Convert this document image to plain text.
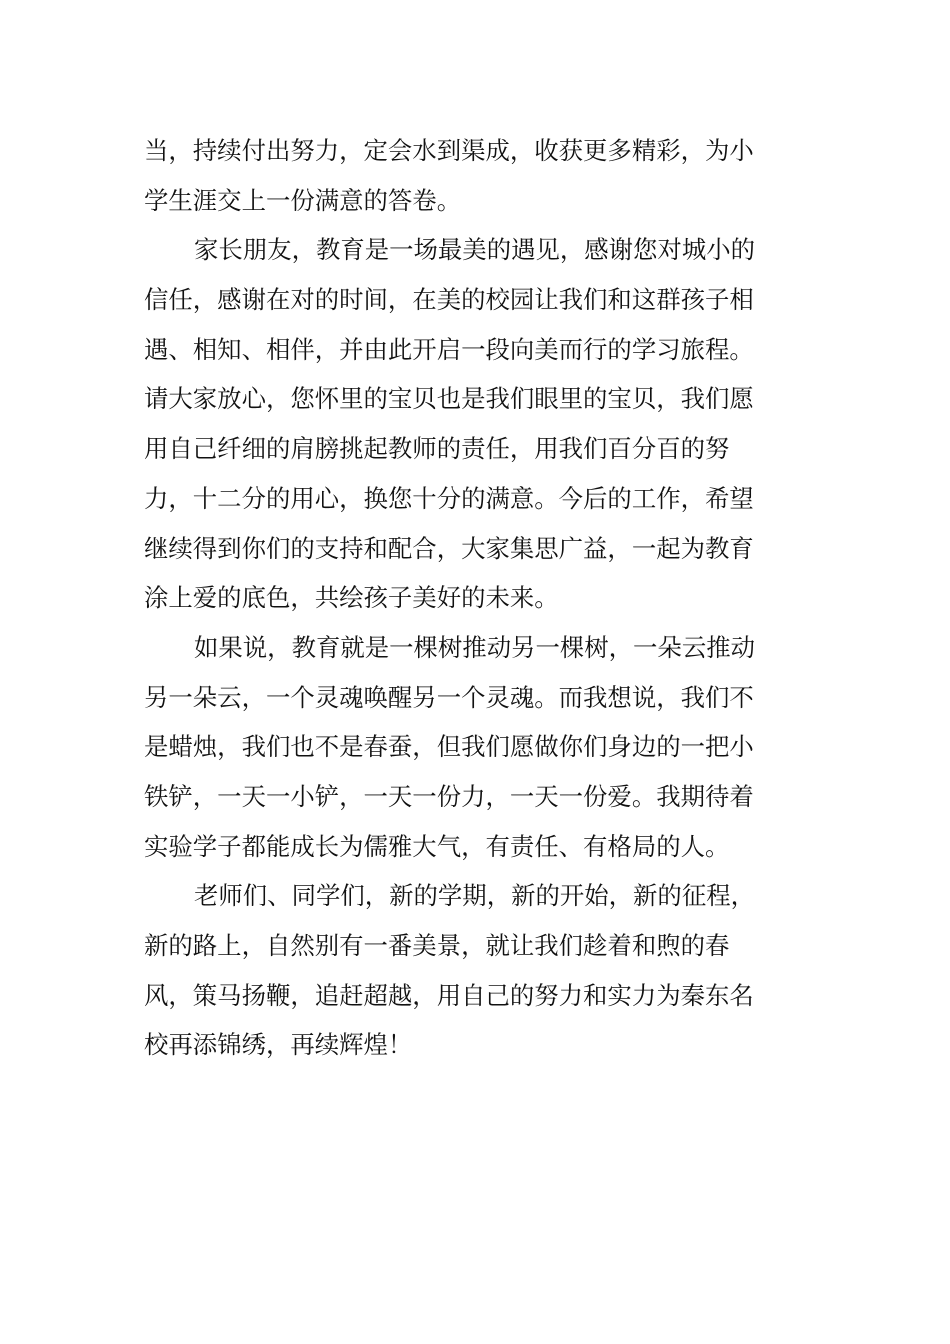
当，持续付出努力，定会水到渠成，收获更多精彩，为小
学生涯交上一份满意的答卷。
家长朋友，教育是一场最美的遇见，感谢您对城小的
信任，感谢在对的时间，在美的校园让我们和这群孩子相
遇、相知、相伴，并由此开启一段向美而行的学习旅程。
请大家放心，您怀里的宝贝也是我们眼里的宝贝，我们愿
用自己纤细的肩膀挑起教师的责任，用我们百分百的努
力，十二分的用心，换您十分的满意。今后的工作，希望
继续得到你们的支持和配合，大家集思广益，一起为教育
涂上爱的底色，共绘孩子美好的未来。
如果说，教育就是一棵树推动另一棵树，一朵云推动
另一朵云，一个灵魂唤醒另一个灵魂。而我想说，我们不
是蜡烛，我们也不是春蚕，但我们愿做你们身边的一把小
铁铲，一天一小铲，一天一份力，一天一份爱。我期待着
实验学子都能成长为儒雅大气，有责任、有格局的人。
老师们、同学们，新的学期，新的开始，新的征程，
新的路上，自然别有一番美景，就让我们趁着和煦的春
风，策马扬鞭，追赶超越，用自己的努力和实力为秦东名
校再添锦绣，再续辉煌！
